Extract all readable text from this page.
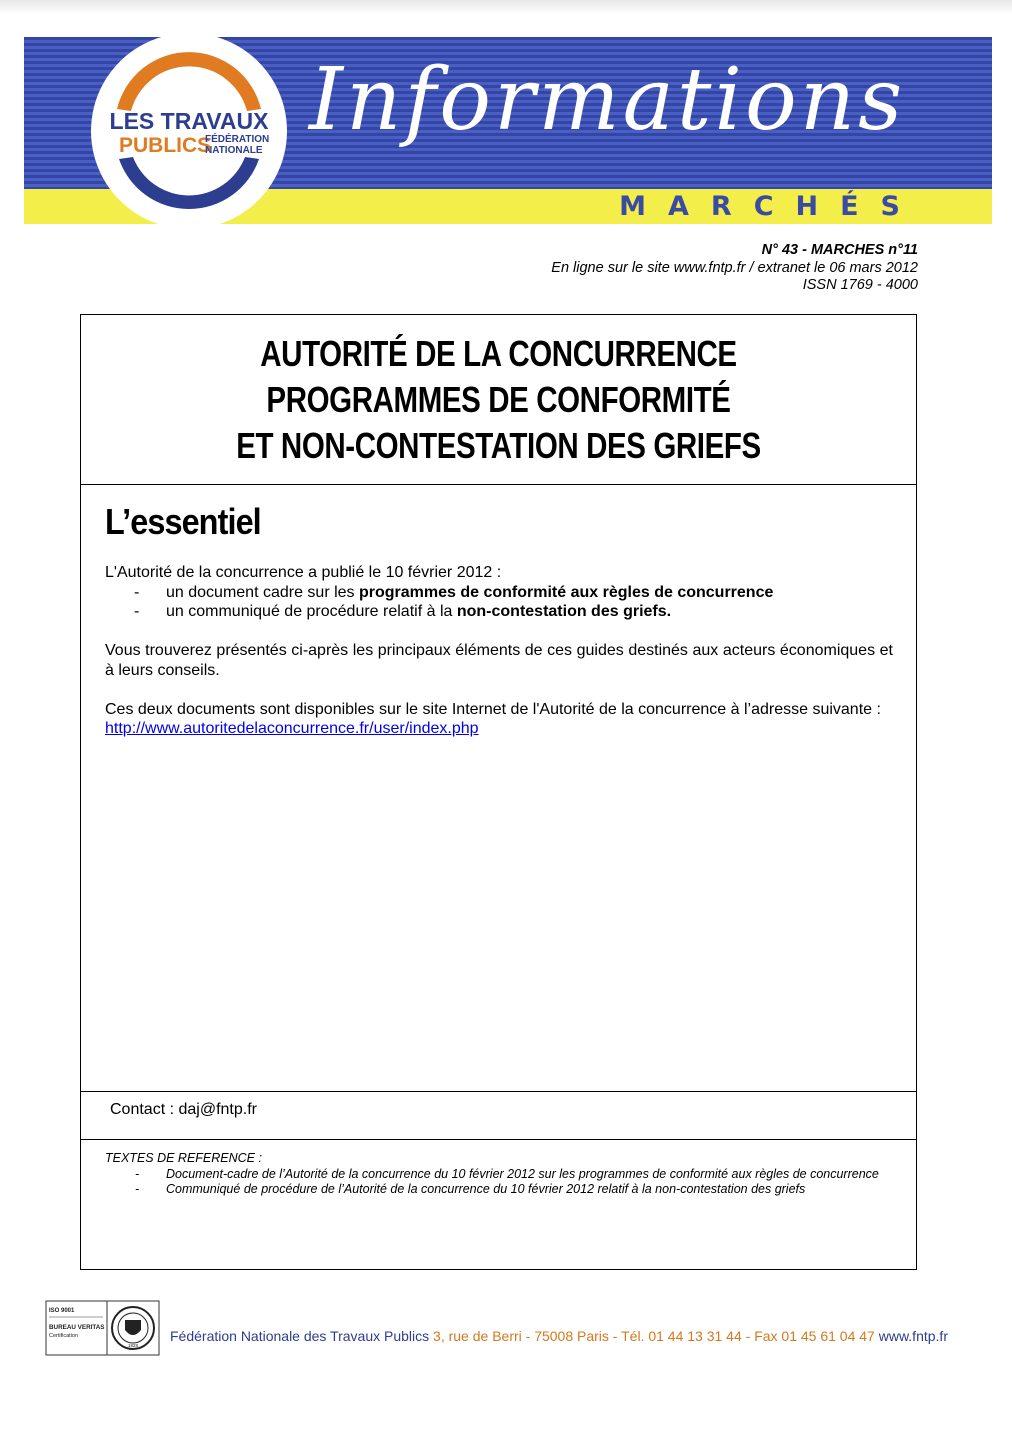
Informations
MARCHÉS
LES TRAVAUX
PUBLICS
FÉDÉRATION
NATIONALE
N° 43 - MARCHES n°11
En ligne sur le site www.fntp.fr / extranet le 06 mars 2012
ISSN 1769 - 4000
AUTORITÉ DE LA CONCURRENCE
PROGRAMMES DE CONFORMITÉ
ET NON-CONTESTATION DES GRIEFS
L’essentiel

L'Autorité de la concurrence a publié le 10 février 2012 :

- un document cadre sur les programmes de conformité aux règles de concurrence
- un communiqué de procédure relatif à la non-contestation des griefs.

Vous trouverez présentés ci-après les principaux éléments de ces guides destinés aux acteurs économiques et à leurs conseils.

Ces deux documents sont disponibles sur le site Internet de l'Autorité de la concurrence à l’adresse suivante :

http://www.autoritedelaconcurrence.fr/user/index.php
Contact : daj@fntp.fr
TEXTES DE REFERENCE :
- Document-cadre de l’Autorité de la concurrence du 10 février 2012 sur les programmes de conformité aux règles de concurrence
- Communiqué de procédure de l’Autorité de la concurrence du 10 février 2012 relatif à la non-contestation des griefs
ISO 9001
BUREAU VERITAS
Certification
1828
Fédération Nationale des Travaux Publics 3, rue de Berri - 75008 Paris - Tél. 01 44 13 31 44 - Fax 01 45 61 04 47 www.fntp.fr
